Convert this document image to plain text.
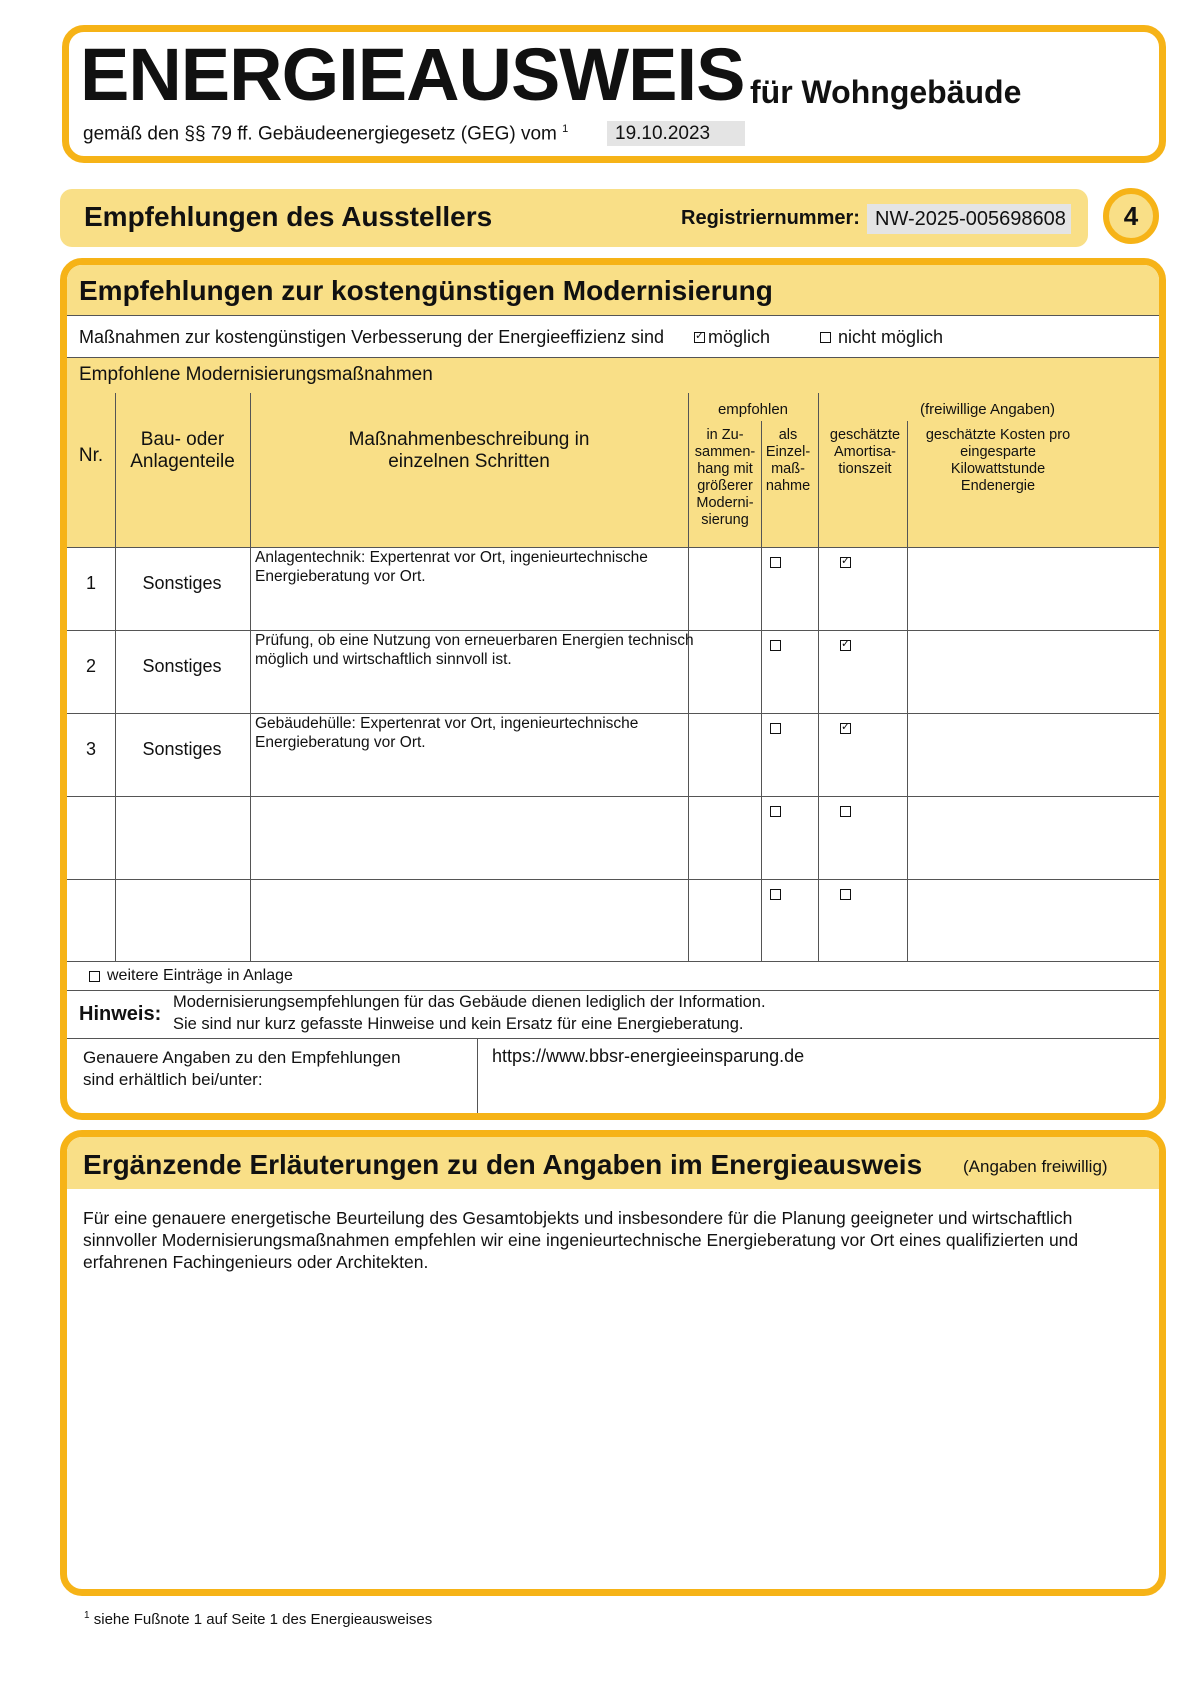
ENERGIEAUSWEIS für Wohngebäude
gemäß den §§ 79 ff. Gebäudeenergiegesetz (GEG) vom $^1$	19.10.2023
Empfehlungen des Ausstellers	Registriernummer: NW-2025-005698608	4
Empfehlungen zur kostengünstigen Modernisierung
Maßnahmen zur kostengünstigen Verbesserung der Energieeffizienz sind
✓ möglich	nicht möglich
Empfohlene Modernisierungsmaßnahmen
Nr.
Bau- oder Anlagenteile
Maßnahmenbeschreibung in einzelnen Schritten
empfohlen
in Zu-sammen-hang mit größerer Moderni-sierung
als Einzel-maß-nahme
(freiwillige Angaben)
geschätzte Amortisa-tionszeit
geschätzte Kosten pro eingesparte Kilowattstunde Endenergie
1	Sonstiges
Anlagentechnik: Expertenrat vor Ort, ingenieurtechnische Energieberatung vor Ort.
✓
2	Sonstiges
Prüfung, ob eine Nutzung von erneuerbaren Energien technisch möglich und wirtschaftlich sinnvoll ist.
✓
3	Sonstiges
Gebäudehülle: Expertenrat vor Ort, ingenieurtechnische Energieberatung vor Ort.
✓
weitere Einträge in Anlage
Hinweis:
Modernisierungsempfehlungen für das Gebäude dienen lediglich der Information.
Sie sind nur kurz gefasste Hinweise und kein Ersatz für eine Energieberatung.
Genauere Angaben zu den Empfehlungen
sind erhältlich bei/unter:
https://www.bbsr-energieeinsparung.de
Ergänzende Erläuterungen zu den Angaben im Energieausweis (Angaben freiwillig)
Für eine genauere energetische Beurteilung des Gesamtobjekts und insbesondere für die Planung geeigneter und wirtschaftlich sinnvoller Modernisierungsmaßnahmen empfehlen wir eine ingenieurtechnische Energieberatung vor Ort eines qualifizierten und erfahrenen Fachingenieurs oder Architekten.
$^1$ siehe Fußnote 1 auf Seite 1 des Energieausweises
